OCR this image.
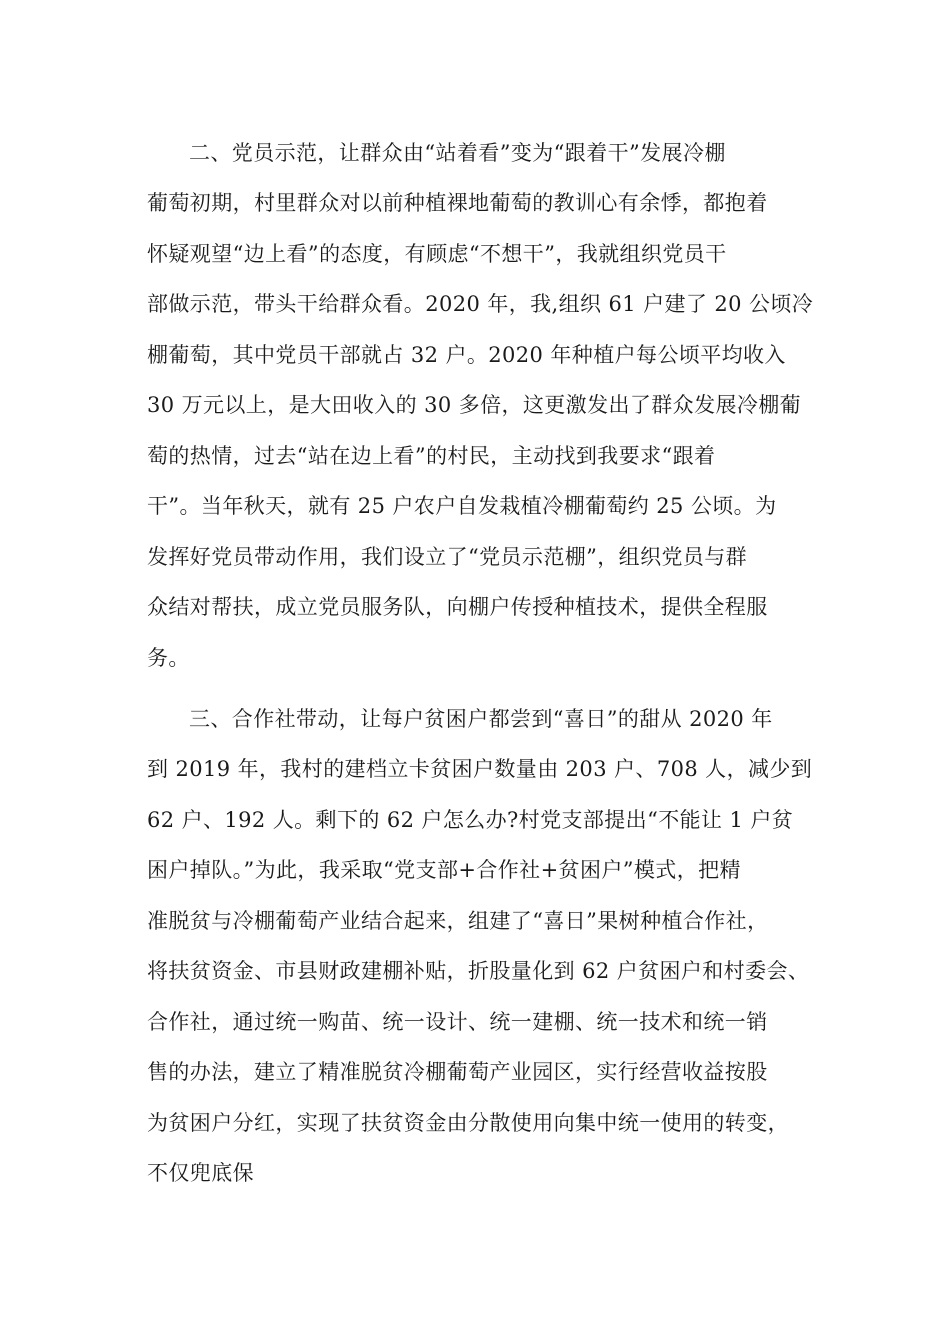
二、党员示范，让群众由“站着看”变为“跟着干”发展冷棚

葡萄初期，村里群众对以前种植裸地葡萄的教训心有余悸，都抱着

怀疑观望“边上看”的态度，有顾虑“不想干”，我就组织党员干

部做示范，带头干给群众看。2020 年，我,组织 61 户建了 20 公顷冷

棚葡萄，其中党员干部就占 32 户。2020 年种植户每公顷平均收入

30 万元以上，是大田收入的 30 多倍，这更激发出了群众发展冷棚葡

萄的热情，过去“站在边上看”的村民，主动找到我要求“跟着

干”。当年秋天，就有 25 户农户自发栽植冷棚葡萄约 25 公顷。为

发挥好党员带动作用，我们设立了“党员示范棚”，组织党员与群

众结对帮扶，成立党员服务队，向棚户传授种植技术，提供全程服

务。

三、合作社带动，让每户贫困户都尝到“喜日”的甜从 2020 年

到 2019 年，我村的建档立卡贫困户数量由 203 户、708 人，减少到

62 户、192 人。剩下的 62 户怎么办?村党支部提出“不能让 1 户贫

困户掉队。”为此，我采取“党支部+合作社+贫困户”模式，把精

准脱贫与冷棚葡萄产业结合起来，组建了“喜日”果树种植合作社，

将扶贫资金、市县财政建棚补贴，折股量化到 62 户贫困户和村委会、

合作社，通过统一购苗、统一设计、统一建棚、统一技术和统一销

售的办法，建立了精准脱贫冷棚葡萄产业园区，实行经营收益按股

为贫困户分红，实现了扶贫资金由分散使用向集中统一使用的转变，

不仅兜底保
